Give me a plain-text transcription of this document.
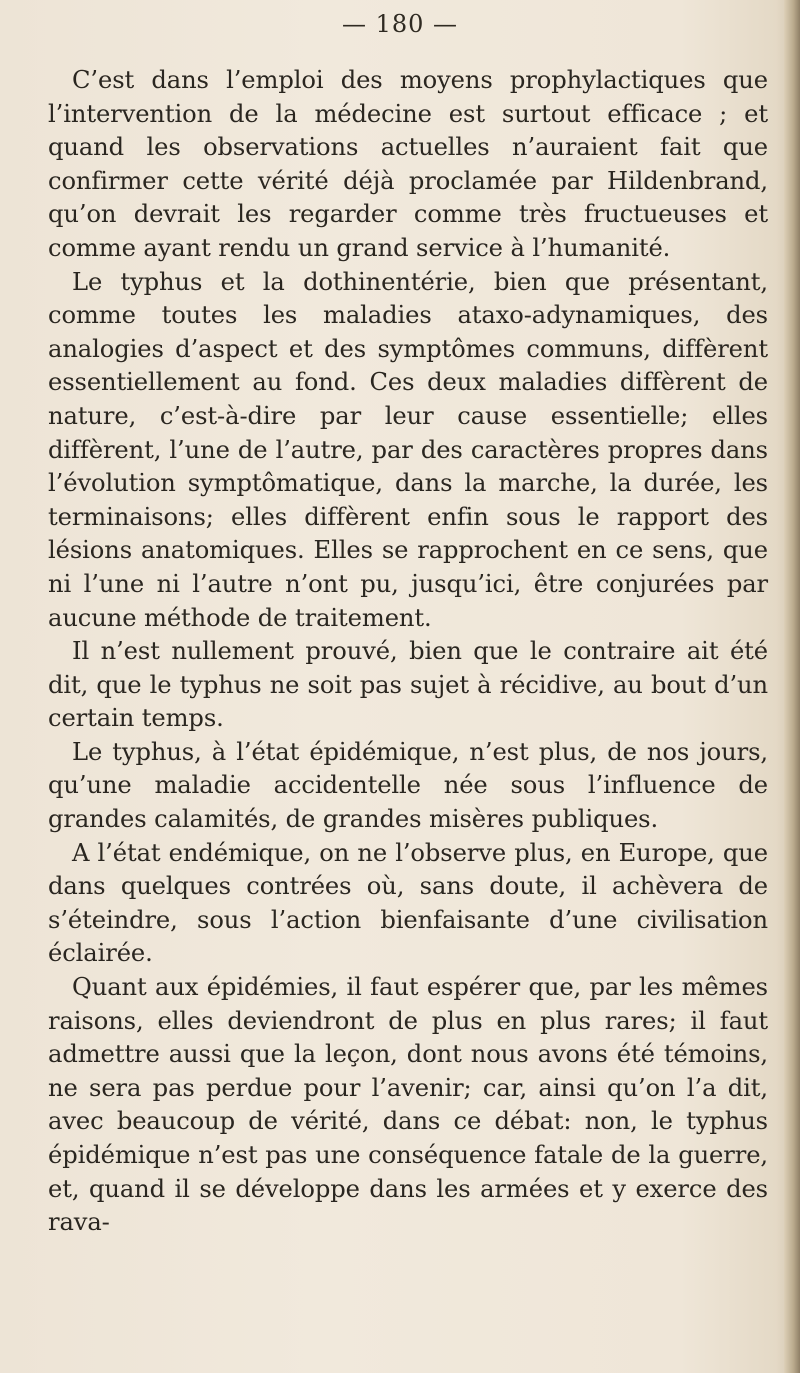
— 180 —

C’est dans l’emploi des moyens prophylactiques que l’intervention de la médecine est surtout efficace ; et quand les observations actuelles n’auraient fait que confirmer cette vérité déjà proclamée par Hildenbrand, qu’on devrait les regarder comme très fructueuses et comme ayant rendu un grand service à l’humanité.

Le typhus et la dothinentérie, bien que présentant, comme toutes les maladies ataxo-adynamiques, des analogies d’aspect et des symptômes communs, diffèrent essentiellement au fond. Ces deux maladies diffèrent de nature, c’est-à-dire par leur cause essentielle; elles diffèrent, l’une de l’autre, par des caractères propres dans l’évolution symptômatique, dans la marche, la durée, les terminaisons; elles diffèrent enfin sous le rapport des lésions anatomiques. Elles se rapprochent en ce sens, que ni l’une ni l’autre n’ont pu, jusqu’ici, être conjurées par aucune méthode de traitement.

Il n’est nullement prouvé, bien que le contraire ait été dit, que le typhus ne soit pas sujet à récidive, au bout d’un certain temps.

Le typhus, à l’état épidémique, n’est plus, de nos jours, qu’une maladie accidentelle née sous l’influence de grandes calamités, de grandes misères publiques.

A l’état endémique, on ne l’observe plus, en Europe, que dans quelques contrées où, sans doute, il achèvera de s’éteindre, sous l’action bienfaisante d’une civilisation éclairée.

Quant aux épidémies, il faut espérer que, par les mêmes raisons, elles deviendront de plus en plus rares; il faut admettre aussi que la leçon, dont nous avons été témoins, ne sera pas perdue pour l’avenir; car, ainsi qu’on l’a dit, avec beaucoup de vérité, dans ce débat: non, le typhus épidémique n’est pas une conséquence fatale de la guerre, et, quand il se développe dans les armées et y exerce des rava-
